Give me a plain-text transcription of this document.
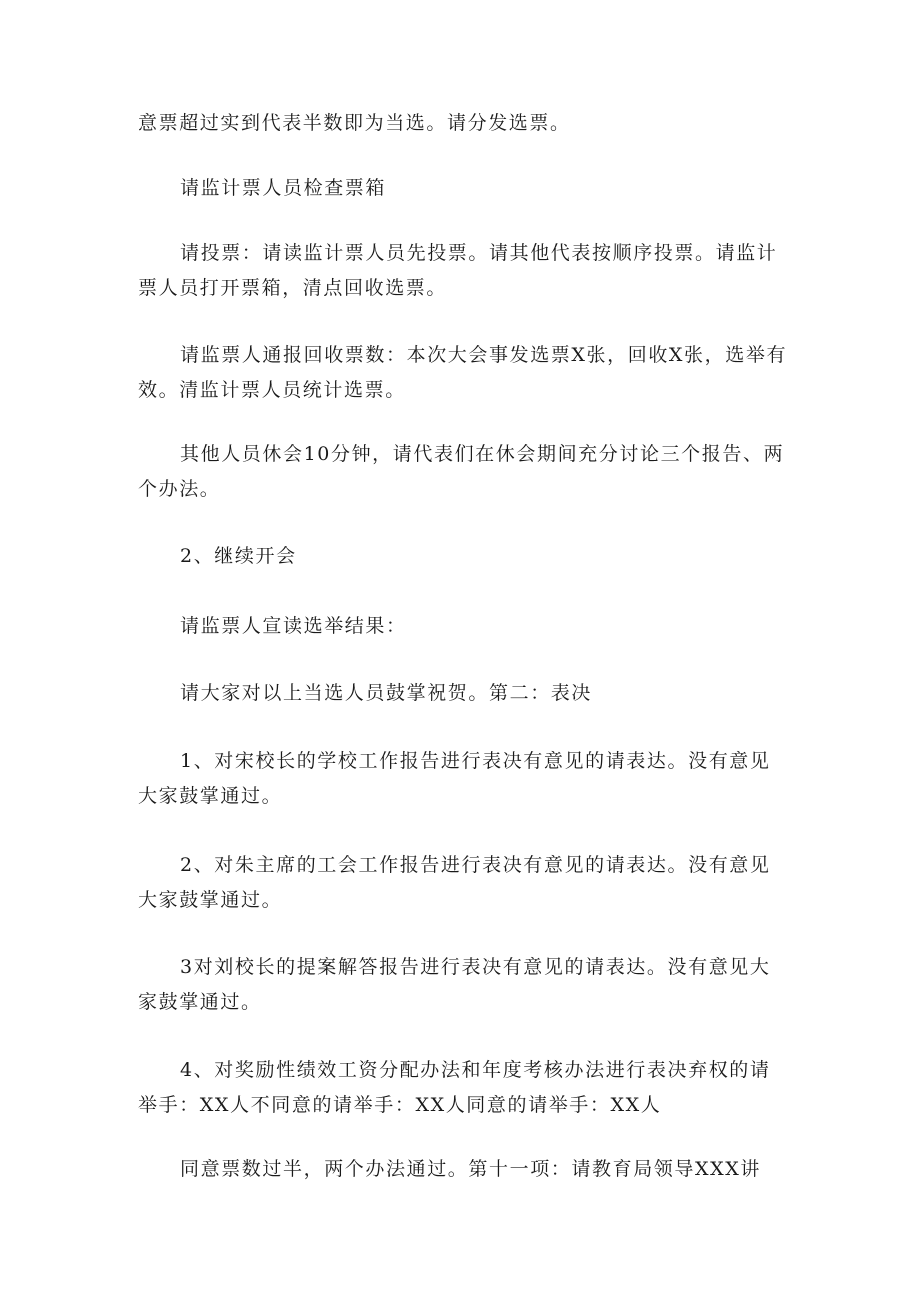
意票超过实到代表半数即为当选。请分发选票。
请监计票人员检查票箱
请投票：请读监计票人员先投票。请其他代表按顺序投票。请监计票人员打开票箱，清点回收选票。
请监票人通报回收票数：本次大会事发选票X张，回收X张，选举有效。清监计票人员统计选票。
其他人员休会10分钟，请代表们在休会期间充分讨论三个报告、两个办法。
2、继续开会
请监票人宣读选举结果：
请大家对以上当选人员鼓掌祝贺。第二：表决
1、对宋校长的学校工作报告进行表决有意见的请表达。没有意见大家鼓掌通过。
2、对朱主席的工会工作报告进行表决有意见的请表达。没有意见大家鼓掌通过。
3对刘校长的提案解答报告进行表决有意见的请表达。没有意见大家鼓掌通过。
4、对奖励性绩效工资分配办法和年度考核办法进行表决弃权的请举手：XX人不同意的请举手：XX人同意的请举手：XX人
同意票数过半，两个办法通过。第十一项：请教育局领导XXX讲
